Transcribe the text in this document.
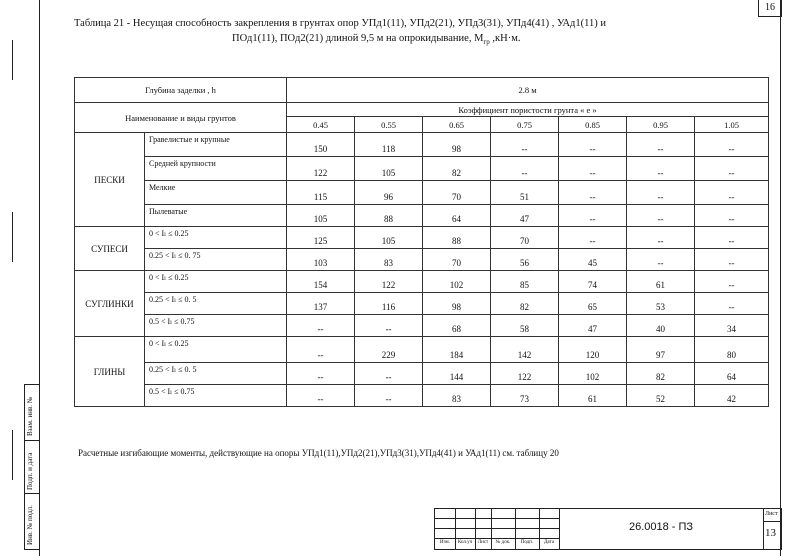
Взам. инв. №
Подп. и дата
Инв. № подл.
16
Таблица 21 - Несущая способность закрепления в грунтах опор УПд1(11), УПд2(21), УПд3(31), УПд4(41) , УАд1(11) и
ПОд1(11), ПОд2(21) длиной 9,5 м на опрокидывание, $М_{гр}$ ,кН·м.
Глубина заделки , h		2.8 м						
Наименование и виды грунтов		Коэффициент пористости грунта « е »						
		0.45	0.55	0.65	0.75	0.85	0.95	1.05
ПЕСКИ	Гравелистые и крупные	150	118	98	--	--	--	--
	Средней крупности	122	105	82	--	--	--	--
	Мелкие	115	96	70	51	--	--	--
	Пылеватые	105	88	64	47	--	--	--
СУПЕСИ	0 < Iₗ ≤ 0.25	125	105	88	70	--	--	--
	0.25 < Iₗ ≤ 0. 75	103	83	70	56	45	--	--
СУГЛИНКИ	0 < Iₗ ≤ 0.25	154	122	102	85	74	61	--
	0.25 < Iₗ ≤ 0. 5	137	116	98	82	65	53	--
	0.5 < Iₗ ≤ 0.75	--	--	68	58	47	40	34
ГЛИНЫ	0 < Iₗ ≤ 0.25	--	229	184	142	120	97	80
	0.25 < Iₗ ≤ 0. 5	--	--	144	122	102	82	64
	0.5 < Iₗ ≤ 0.75	--	--	83	73	61	52	42
Расчетные изгибающие моменты, действующие на опоры УПд1(11),УПд2(21),УПд3(31),УПд4(41) и УАд1(11) см. таблицу 20
Изм.	Кол.уч	Лист	№ док.	Подп.	Дата
26.0018 - ПЗ
Лист
13
